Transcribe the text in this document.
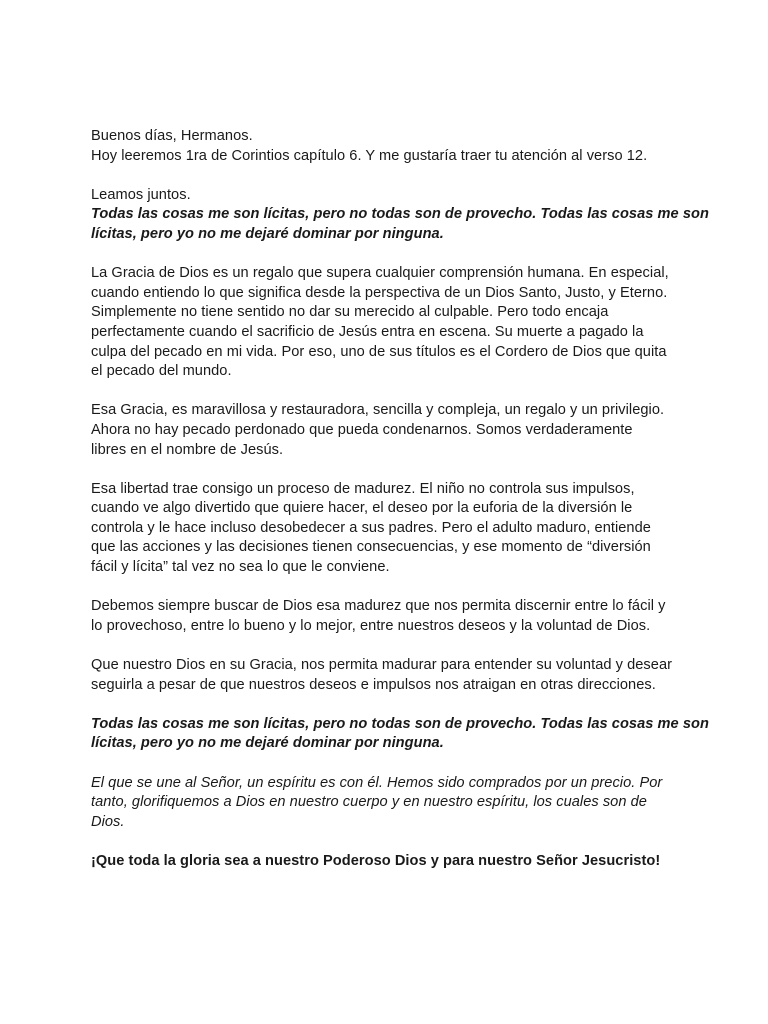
Buenos días, Hermanos.
Hoy leeremos 1ra de Corintios capítulo 6. Y me gustaría traer tu atención al verso 12.

Leamos juntos.

Todas las cosas me son lícitas, pero no todas son de provecho. Todas las cosas me son
lícitas, pero yo no me dejaré dominar por ninguna.

La Gracia de Dios es un regalo que supera cualquier comprensión humana. En especial,
cuando entiendo lo que significa desde la perspectiva de un Dios Santo, Justo, y Eterno.
Simplemente no tiene sentido no dar su merecido al culpable. Pero todo encaja
perfectamente cuando el sacrificio de Jesús entra en escena. Su muerte a pagado la
culpa del pecado en mi vida. Por eso, uno de sus títulos es el Cordero de Dios que quita
el pecado del mundo.

Esa Gracia, es maravillosa y restauradora, sencilla y compleja, un regalo y un privilegio.
Ahora no hay pecado perdonado que pueda condenarnos. Somos verdaderamente
libres en el nombre de Jesús.

Esa libertad trae consigo un proceso de madurez. El niño no controla sus impulsos,
cuando ve algo divertido que quiere hacer, el deseo por la euforia de la diversión le
controla y le hace incluso desobedecer a sus padres. Pero el adulto maduro, entiende
que las acciones y las decisiones tienen consecuencias, y ese momento de “diversión
fácil y lícita” tal vez no sea lo que le conviene.

Debemos siempre buscar de Dios esa madurez que nos permita discernir entre lo fácil y
lo provechoso, entre lo bueno y lo mejor, entre nuestros deseos y la voluntad de Dios.

Que nuestro Dios en su Gracia, nos permita madurar para entender su voluntad y desear
seguirla a pesar de que nuestros deseos e impulsos nos atraigan en otras direcciones.

Todas las cosas me son lícitas, pero no todas son de provecho. Todas las cosas me son
lícitas, pero yo no me dejaré dominar por ninguna.

El que se une al Señor, un espíritu es con él. Hemos sido comprados por un precio. Por
tanto, glorifiquemos a Dios en nuestro cuerpo y en nuestro espíritu, los cuales son de
Dios.

¡Que toda la gloria sea a nuestro Poderoso Dios y para nuestro Señor Jesucristo!
